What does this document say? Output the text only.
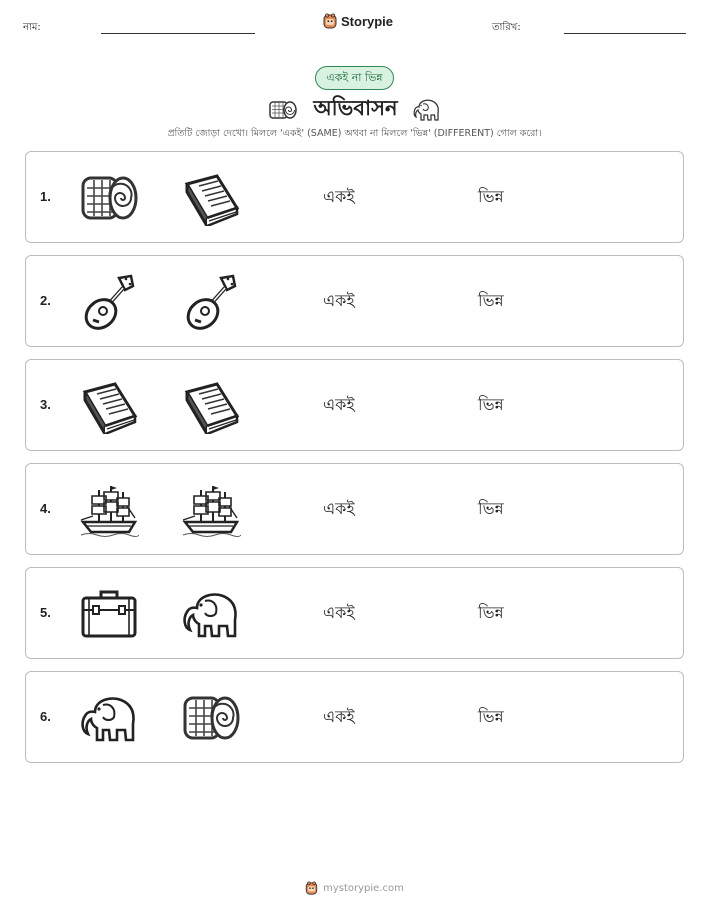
নাম:	Storypie	তারিখ:
একই না ভিন্ন
অভিবাসন
প্রতিটি জোড়া দেখো। মিললে 'একই' (SAME) অথবা না মিললে 'ভিন্ন' (DIFFERENT) গোল করো।
1.	একই	ভিন্ন
2.	একই	ভিন্ন
3.	একই	ভিন্ন
4.	একই	ভিন্ন
5.	একই	ভিন্ন
6.	একই	ভিন্ন
mystorypie.com
